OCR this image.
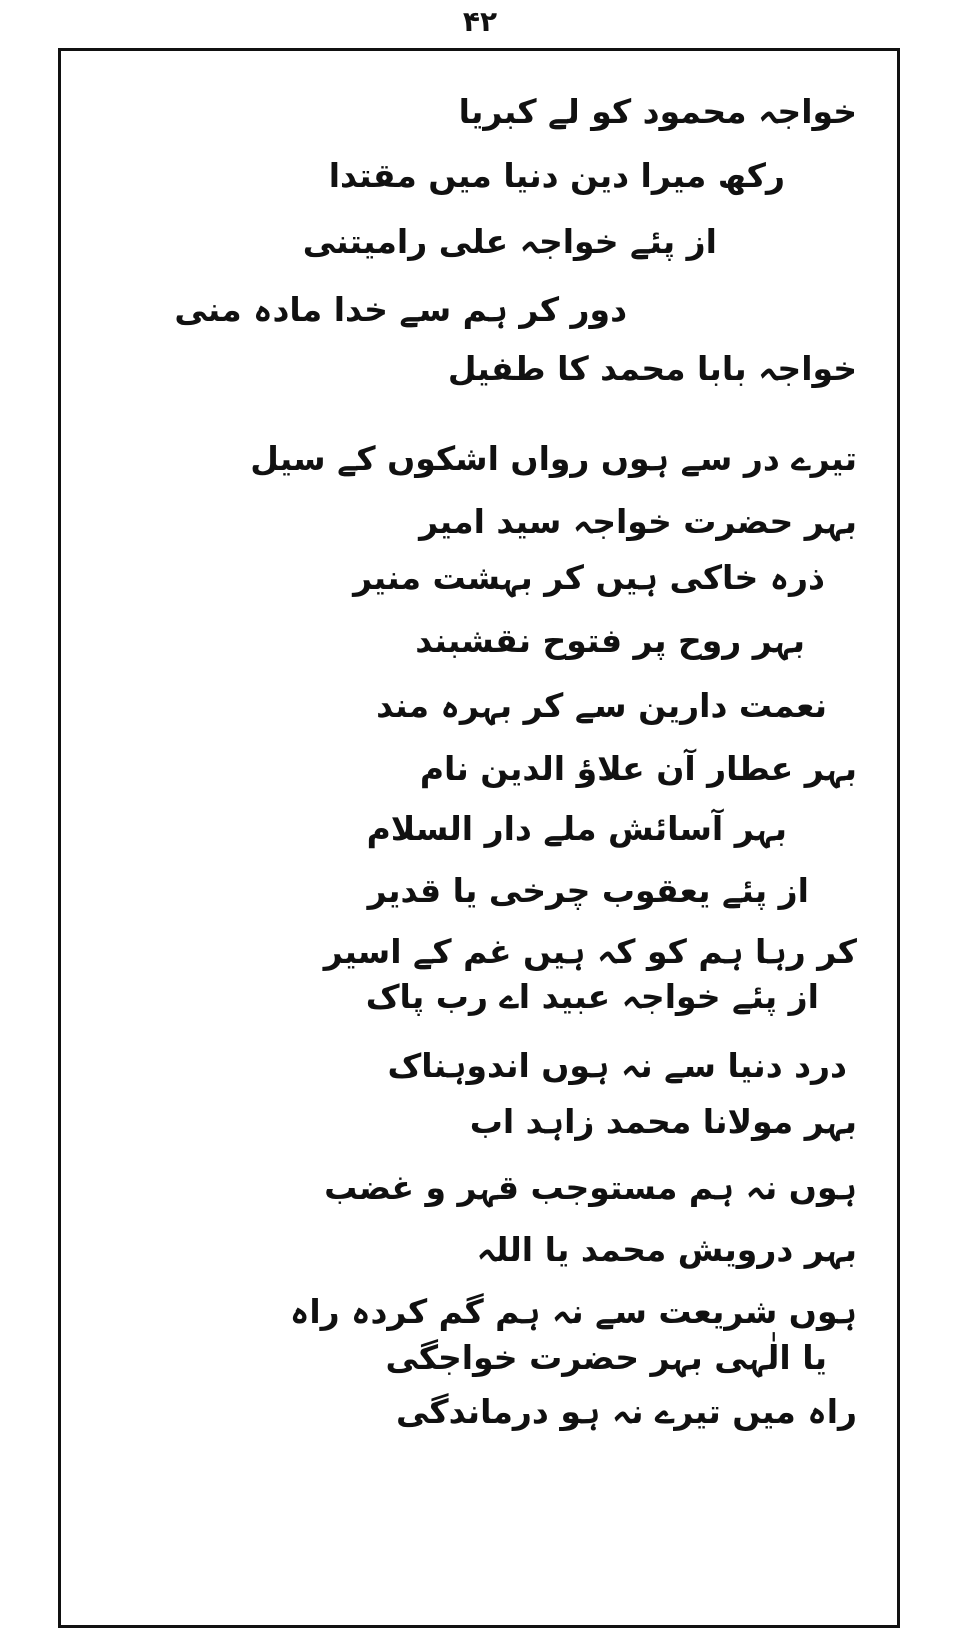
۴۲
خواجہ محمود کو لے کبریا
رکھ میرا دین دنیا میں مقتدا
از پئے خواجہ علی رامیتنی
دور کر ہم سے خدا مادہ منی
خواجہ بابا محمد کا طفیل
تیرے در سے ہوں رواں اشکوں کے سیل
بہر حضرت خواجہ سید امیر
ذرہ خاکی ہیں کر بہشت منیر
بہر روح پر فتوح نقشبند
نعمت دارین سے کر بہرہ مند
بہر عطار آن علاؤ الدین نام
بہر آسائش ملے دار السلام
از پئے یعقوب چرخی یا قدیر
کر رہا ہم کو کہ ہیں غم کے اسیر
از پئے خواجہ عبید اے رب پاک
درد دنیا سے نہ ہوں اندوہناک
بہر مولانا محمد زاہد اب
ہوں نہ ہم مستوجب قہر و غضب
بہر درویش محمد یا اللہ
ہوں شریعت سے نہ ہم گم کردہ راہ
یا الٰہی بہر حضرت خواجگی
راہ میں تیرے نہ ہو درماندگی
